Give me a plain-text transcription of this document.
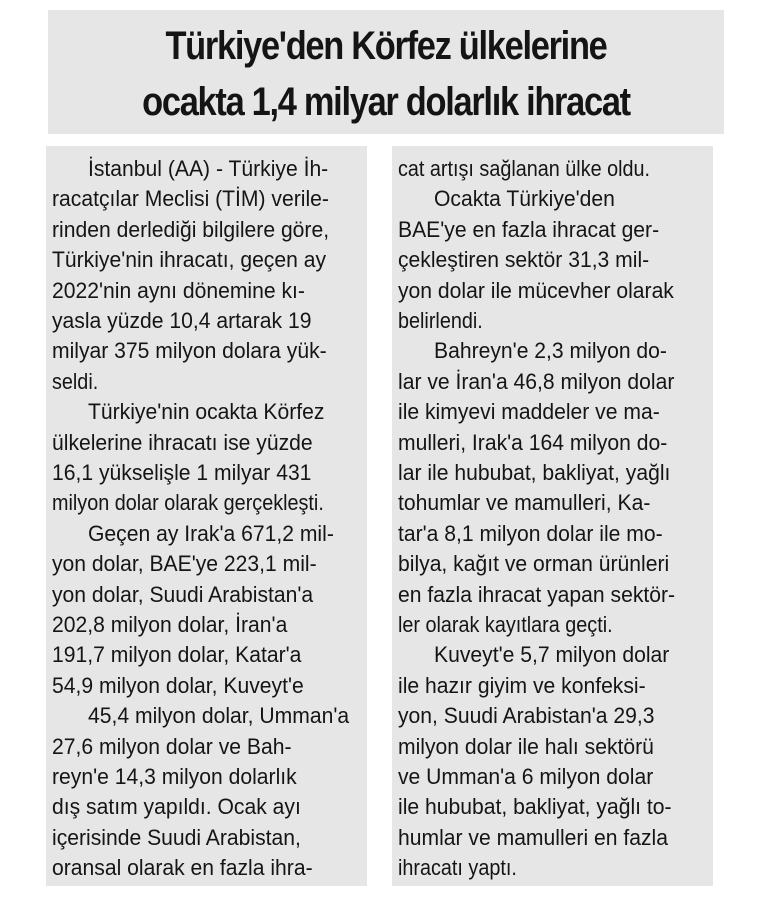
Türkiye'den Körfez ülkelerine
ocakta 1,4 milyar dolarlık ihracat
İstanbul (AA) - Türkiye İh-
racatçılar Meclisi (TİM) verile-
rinden derlediği bilgilere göre,
Türkiye'nin ihracatı, geçen ay
2022'nin aynı dönemine kı-
yasla yüzde 10,4 artarak 19
milyar 375 milyon dolara yük-
seldi.
Türkiye'nin ocakta Körfez
ülkelerine ihracatı ise yüzde
16,1 yükselişle 1 milyar 431
milyon dolar olarak gerçekleşti.
Geçen ay Irak'a 671,2 mil-
yon dolar, BAE'ye 223,1 mil-
yon dolar, Suudi Arabistan'a
202,8 milyon dolar, İran'a
191,7 milyon dolar, Katar'a
54,9 milyon dolar, Kuveyt'e
45,4 milyon dolar, Umman'a
27,6 milyon dolar ve Bah-
reyn'e 14,3 milyon dolarlık
dış satım yapıldı. Ocak ayı
içerisinde Suudi Arabistan,
oransal olarak en fazla ihra-
cat artışı sağlanan ülke oldu.
Ocakta Türkiye'den
BAE'ye en fazla ihracat ger-
çekleştiren sektör 31,3 mil-
yon dolar ile mücevher olarak
belirlendi.
Bahreyn'e 2,3 milyon do-
lar ve İran'a 46,8 milyon dolar
ile kimyevi maddeler ve ma-
mulleri, Irak'a 164 milyon do-
lar ile hububat, bakliyat, yağlı
tohumlar ve mamulleri, Ka-
tar'a 8,1 milyon dolar ile mo-
bilya, kağıt ve orman ürünleri
en fazla ihracat yapan sektör-
ler olarak kayıtlara geçti.
Kuveyt'e 5,7 milyon dolar
ile hazır giyim ve konfeksi-
yon, Suudi Arabistan'a 29,3
milyon dolar ile halı sektörü
ve Umman'a 6 milyon dolar
ile hububat, bakliyat, yağlı to-
humlar ve mamulleri en fazla
ihracatı yaptı.
